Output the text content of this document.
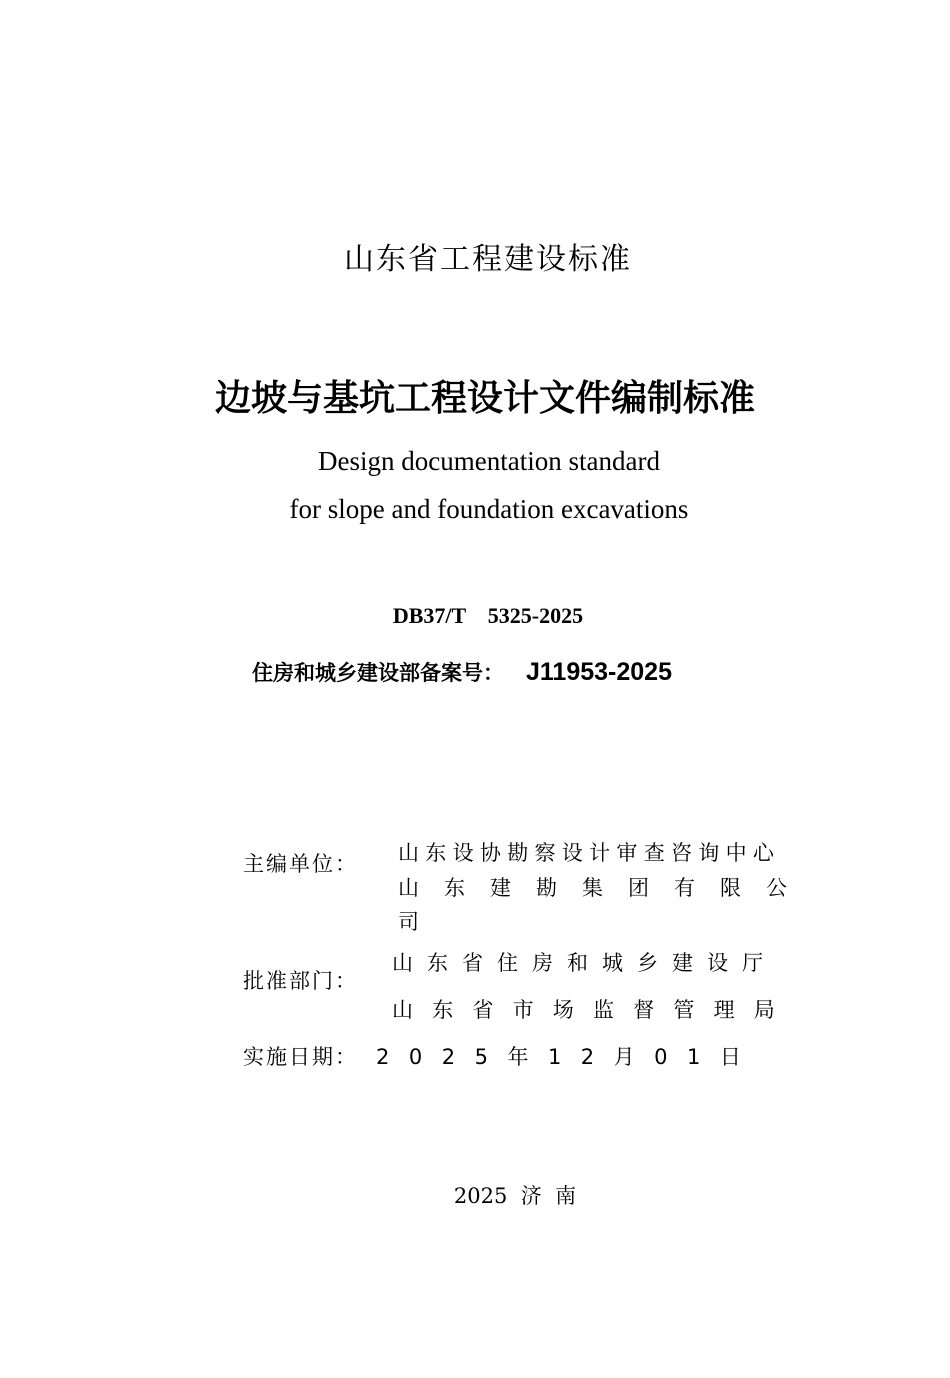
山东省工程建设标准
边坡与基坑工程设计文件编制标准
Design documentation standard
for slope and foundation excavations
DB37/T    5325-2025
住房和城乡建设部备案号： J11953-2025
主编单位： 山东设协勘察设计审查咨询中心
山东建勘集团有限公
司
批准部门：
山东省住房和城乡建设厅
山东省市场监督管理局
实施日期： 2025年12月01日
2025  济  南
